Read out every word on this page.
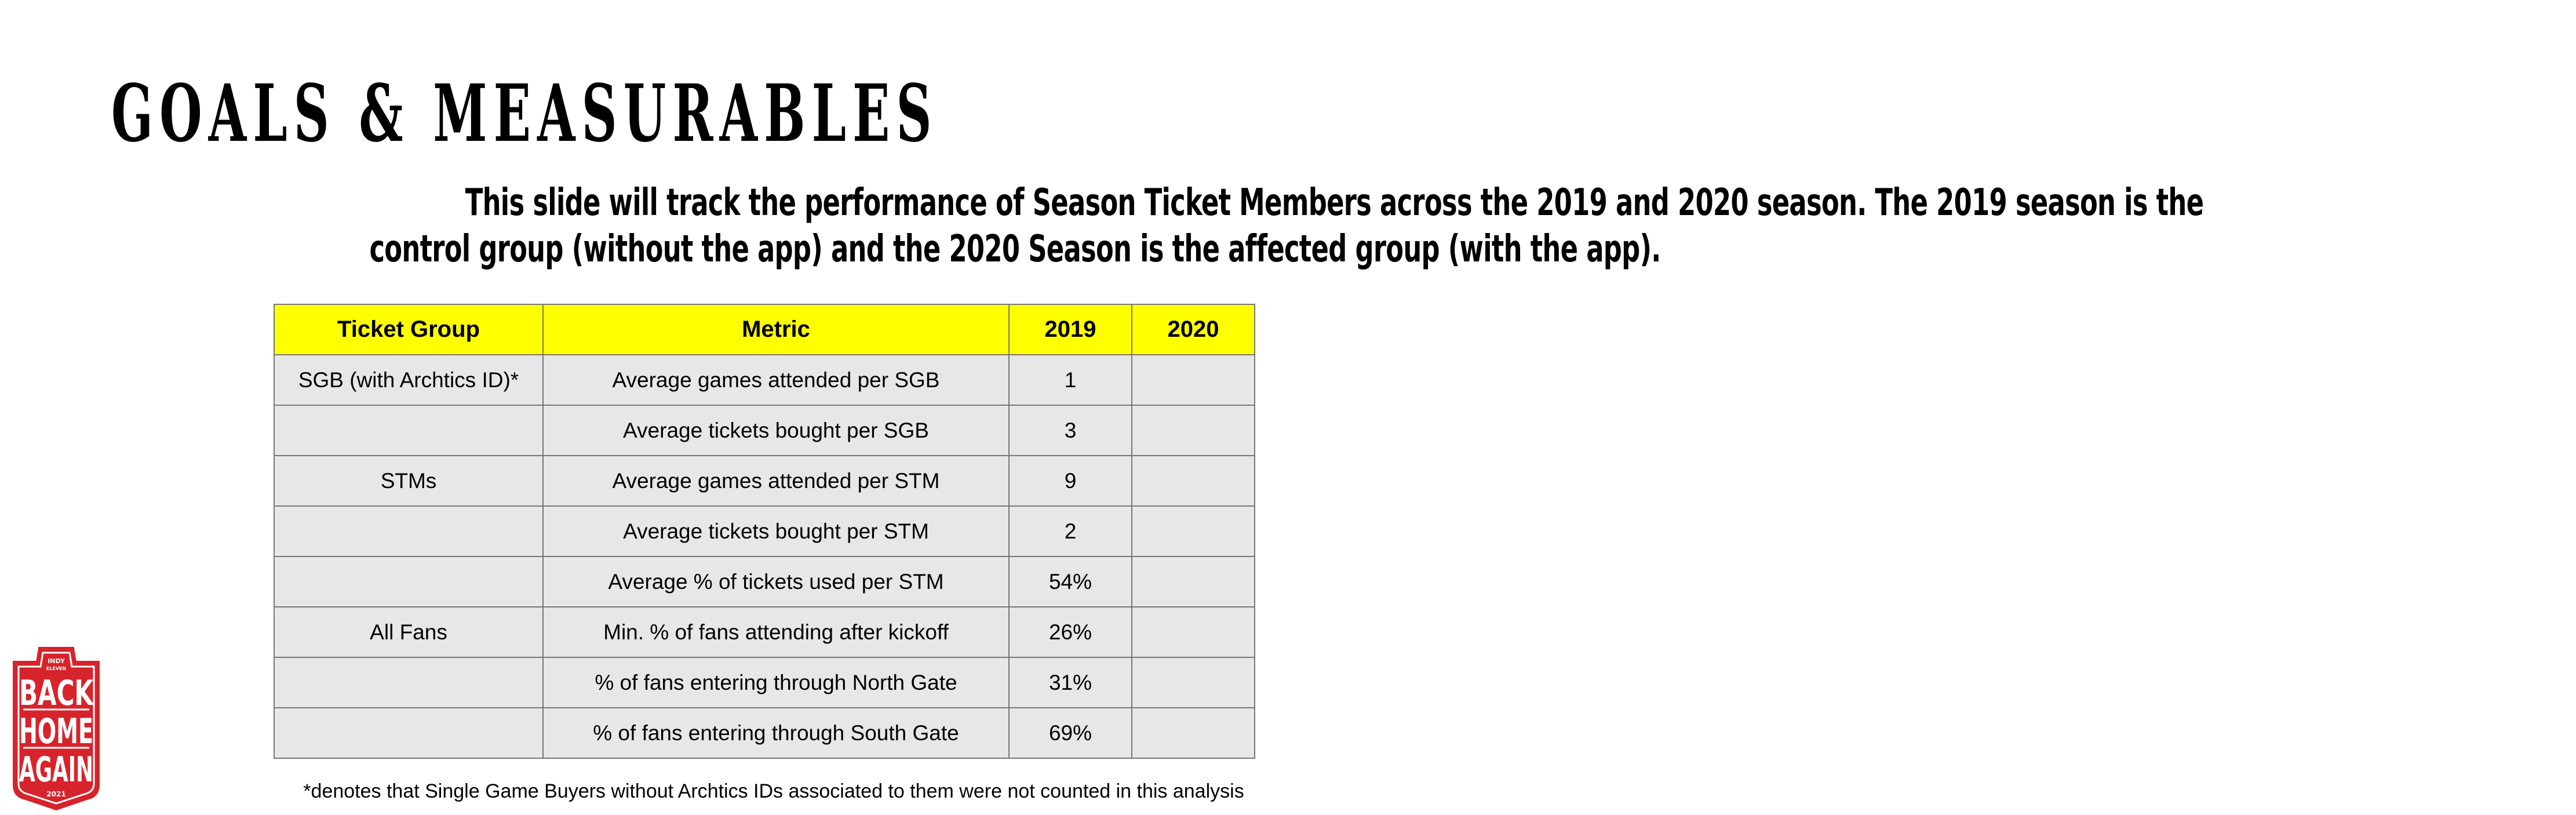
GOALS & MEASURABLES
This slide will track the performance of Season Ticket Members across the 2019 and 2020 season. The 2019 season is the
control group (without the app) and the 2020 Season is the affected group (with the app).
Ticket Group	Metric	2019	2020
SGB (with Archtics ID)*	Average games attended per SGB	1	
	Average tickets bought per SGB	3	
STMs	Average games attended per STM	9	
	Average tickets bought per STM	2	
	Average % of tickets used per STM	54%	
All Fans	Min. % of fans attending after kickoff	26%	
	% of fans entering through North Gate	31%	
	% of fans entering through South Gate	69%	
*denotes that Single Game Buyers without Archtics IDs associated to them were not counted in this analysis
INDY
ELEVEN
BACK
HOME
AGAIN
2021
